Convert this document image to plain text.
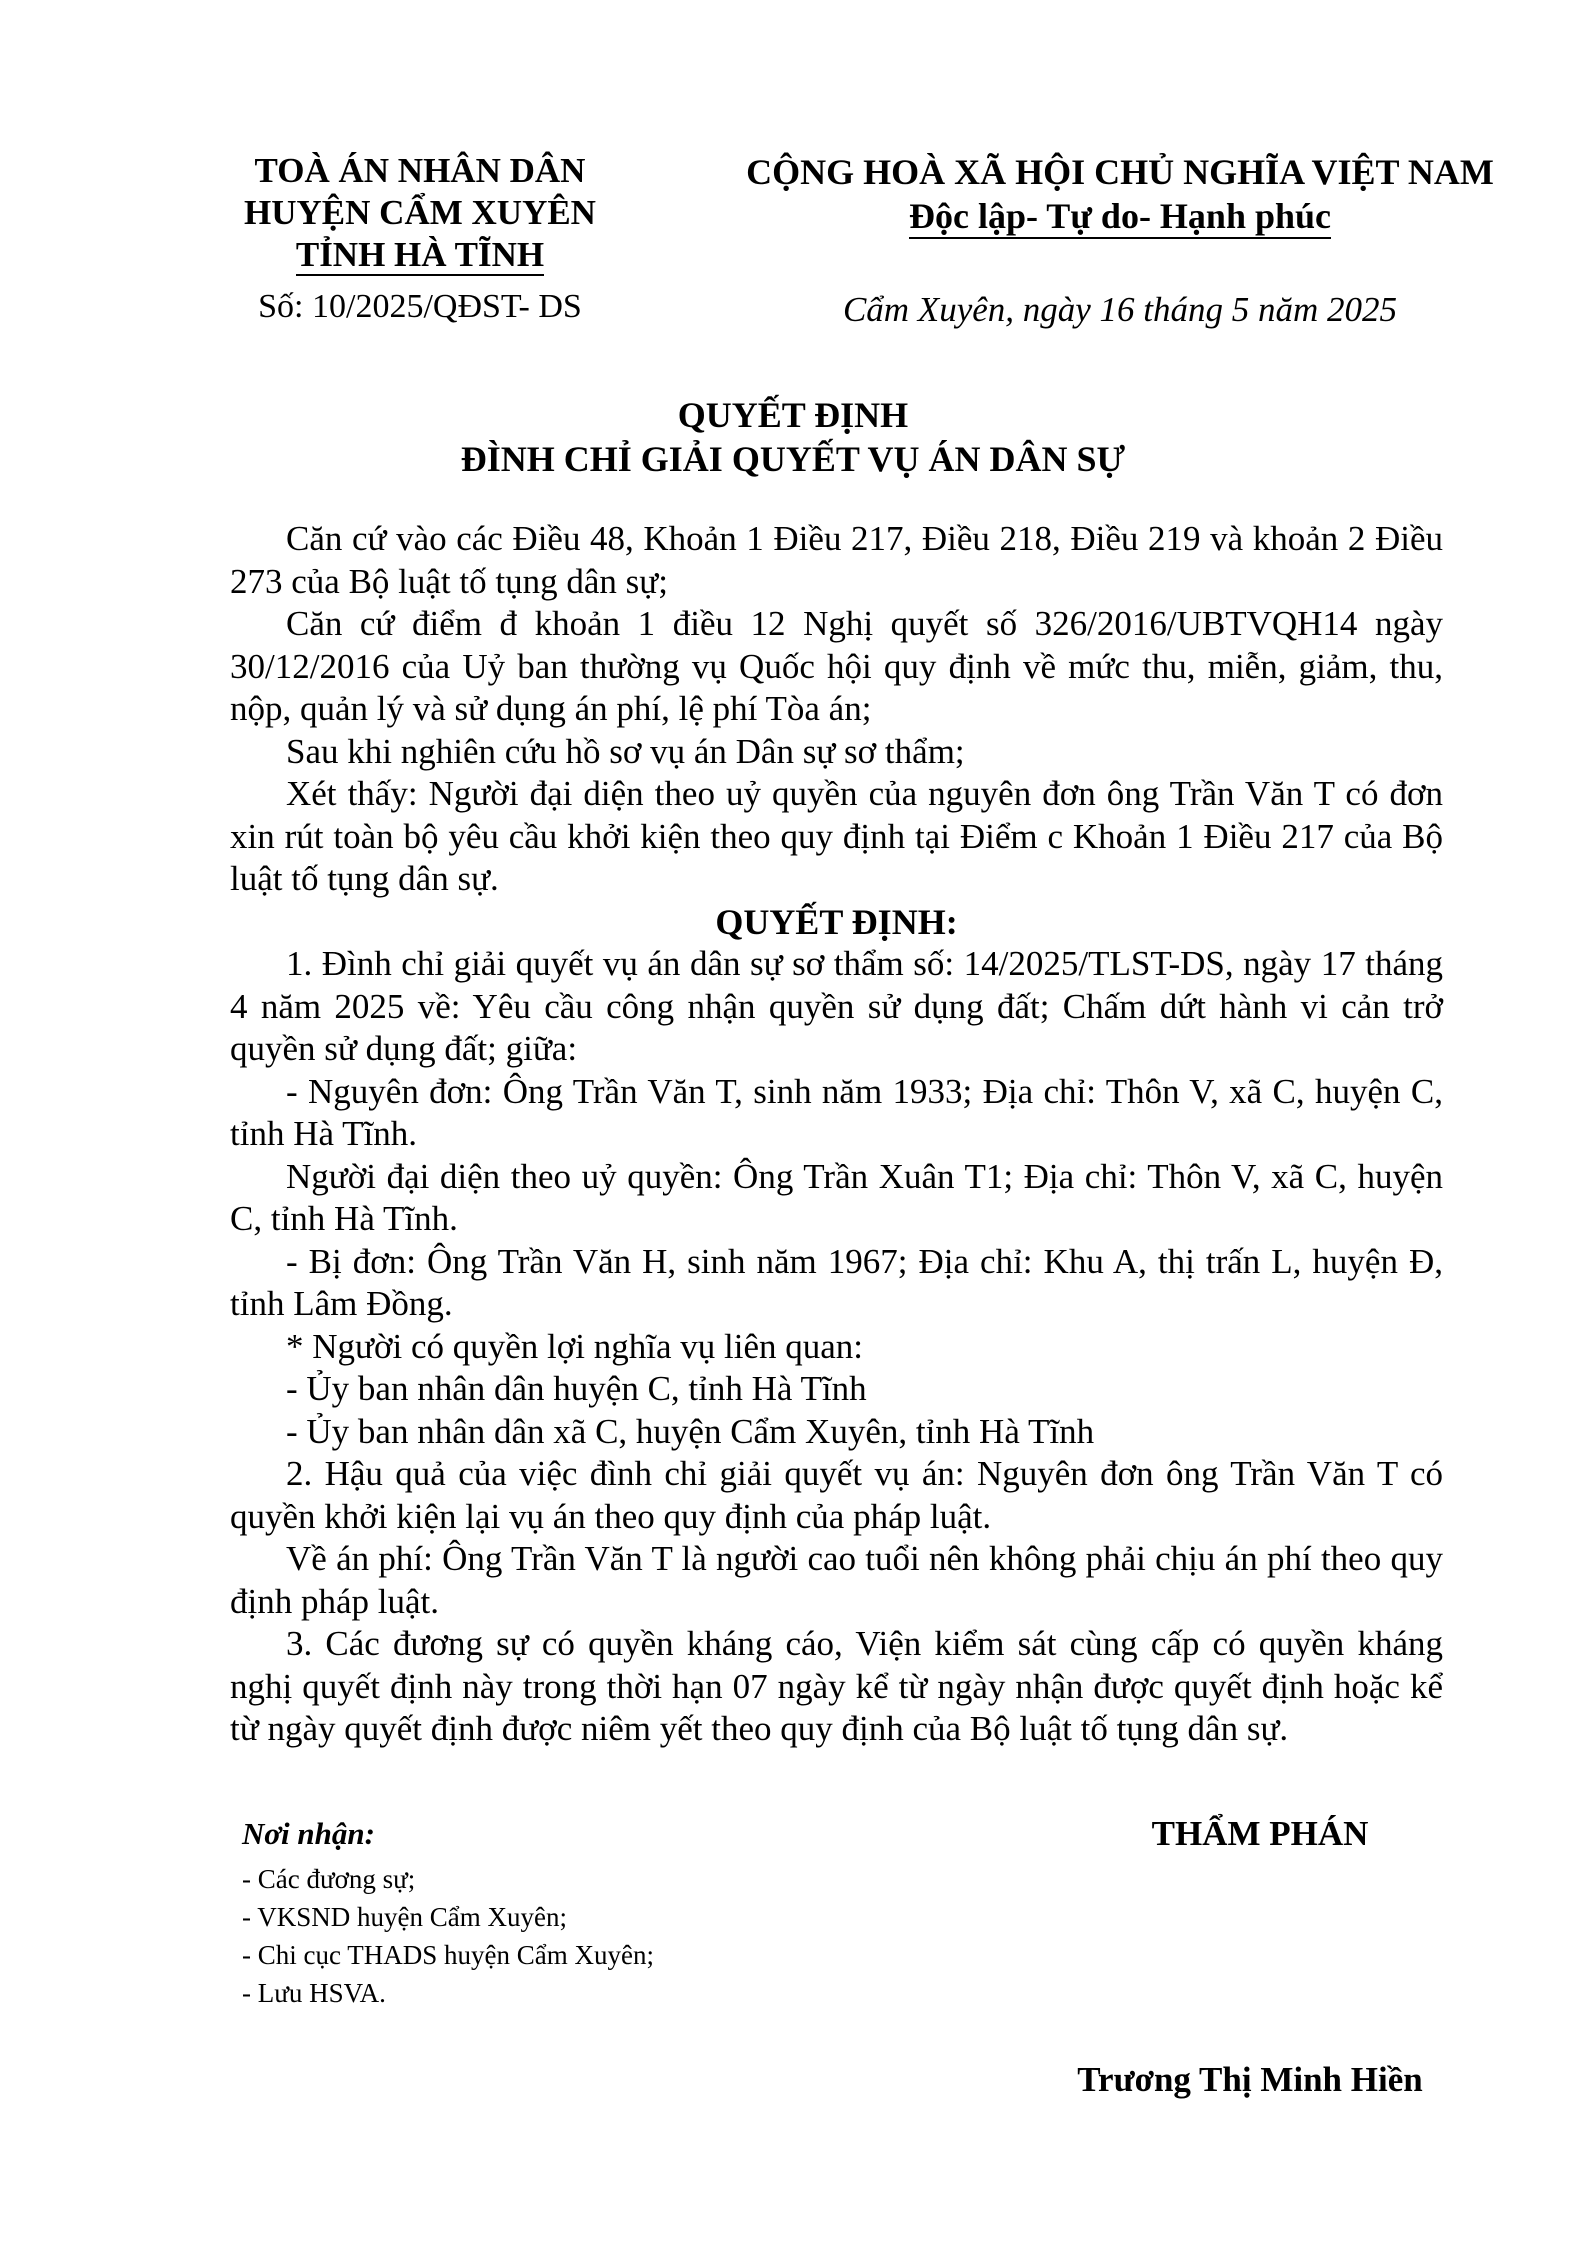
TOÀ ÁN NHÂN DÂN
HUYỆN CẨM XUYÊN
TỈNH HÀ TĨNH
Số: 10/2025/QĐST- DS
CỘNG HOÀ XÃ HỘI CHỦ NGHĨA VIỆT NAM
Độc lập- Tự do- Hạnh phúc
Cẩm Xuyên, ngày 16 tháng 5 năm 2025
QUYẾT ĐỊNH
ĐÌNH CHỈ GIẢI QUYẾT VỤ ÁN DÂN SỰ

Căn cứ vào các Điều 48, Khoản 1 Điều 217, Điều 218, Điều 219 và khoản 2 Điều 273 của Bộ luật tố tụng dân sự;

Căn cứ điểm đ khoản 1 điều 12 Nghị quyết số 326/2016/UBTVQH14 ngày 30/12/2016 của Uỷ ban thường vụ Quốc hội quy định về mức thu, miễn, giảm, thu, nộp, quản lý và sử dụng án phí, lệ phí Tòa án;

Sau khi nghiên cứu hồ sơ vụ án Dân sự sơ thẩm;

Xét thấy: Người đại diện theo uỷ quyền của nguyên đơn ông Trần Văn T có đơn xin rút toàn bộ yêu cầu khởi kiện theo quy định tại Điểm c Khoản 1 Điều 217 của Bộ luật tố tụng dân sự.

QUYẾT ĐỊNH:

1. Đình chỉ giải quyết vụ án dân sự sơ thẩm số: 14/2025/TLST-DS, ngày 17 tháng 4 năm 2025 về: Yêu cầu công nhận quyền sử dụng đất; Chấm dứt hành vi cản trở quyền sử dụng đất; giữa:

- Nguyên đơn: Ông Trần Văn T, sinh năm 1933; Địa chỉ: Thôn V, xã C, huyện C, tỉnh Hà Tĩnh.

Người đại diện theo uỷ quyền: Ông Trần Xuân T1; Địa chỉ: Thôn V, xã C, huyện C, tỉnh Hà Tĩnh.

- Bị đơn: Ông Trần Văn H, sinh năm 1967; Địa chỉ: Khu A, thị trấn L, huyện Đ, tỉnh Lâm Đồng.

* Người có quyền lợi nghĩa vụ liên quan:

- Ủy ban nhân dân huyện C, tỉnh Hà Tĩnh

- Ủy ban nhân dân xã C, huyện Cẩm Xuyên, tỉnh Hà Tĩnh

2. Hậu quả của việc đình chỉ giải quyết vụ án: Nguyên đơn ông Trần Văn T có quyền khởi kiện lại vụ án theo quy định của pháp luật.

Về án phí: Ông Trần Văn T là người cao tuổi nên không phải chịu án phí theo quy định pháp luật.

3. Các đương sự có quyền kháng cáo, Viện kiểm sát cùng cấp có quyền kháng nghị quyết định này trong thời hạn 07 ngày kể từ ngày nhận được quyết định hoặc kể từ ngày quyết định được niêm yết theo quy định của Bộ luật tố tụng dân sự.

Nơi nhận:
- Các đương sự;
- VKSND huyện Cẩm Xuyên;
- Chi cục THADS huyện Cẩm Xuyên;
- Lưu HSVA.
THẨM PHÁN
Trương Thị Minh Hiền
